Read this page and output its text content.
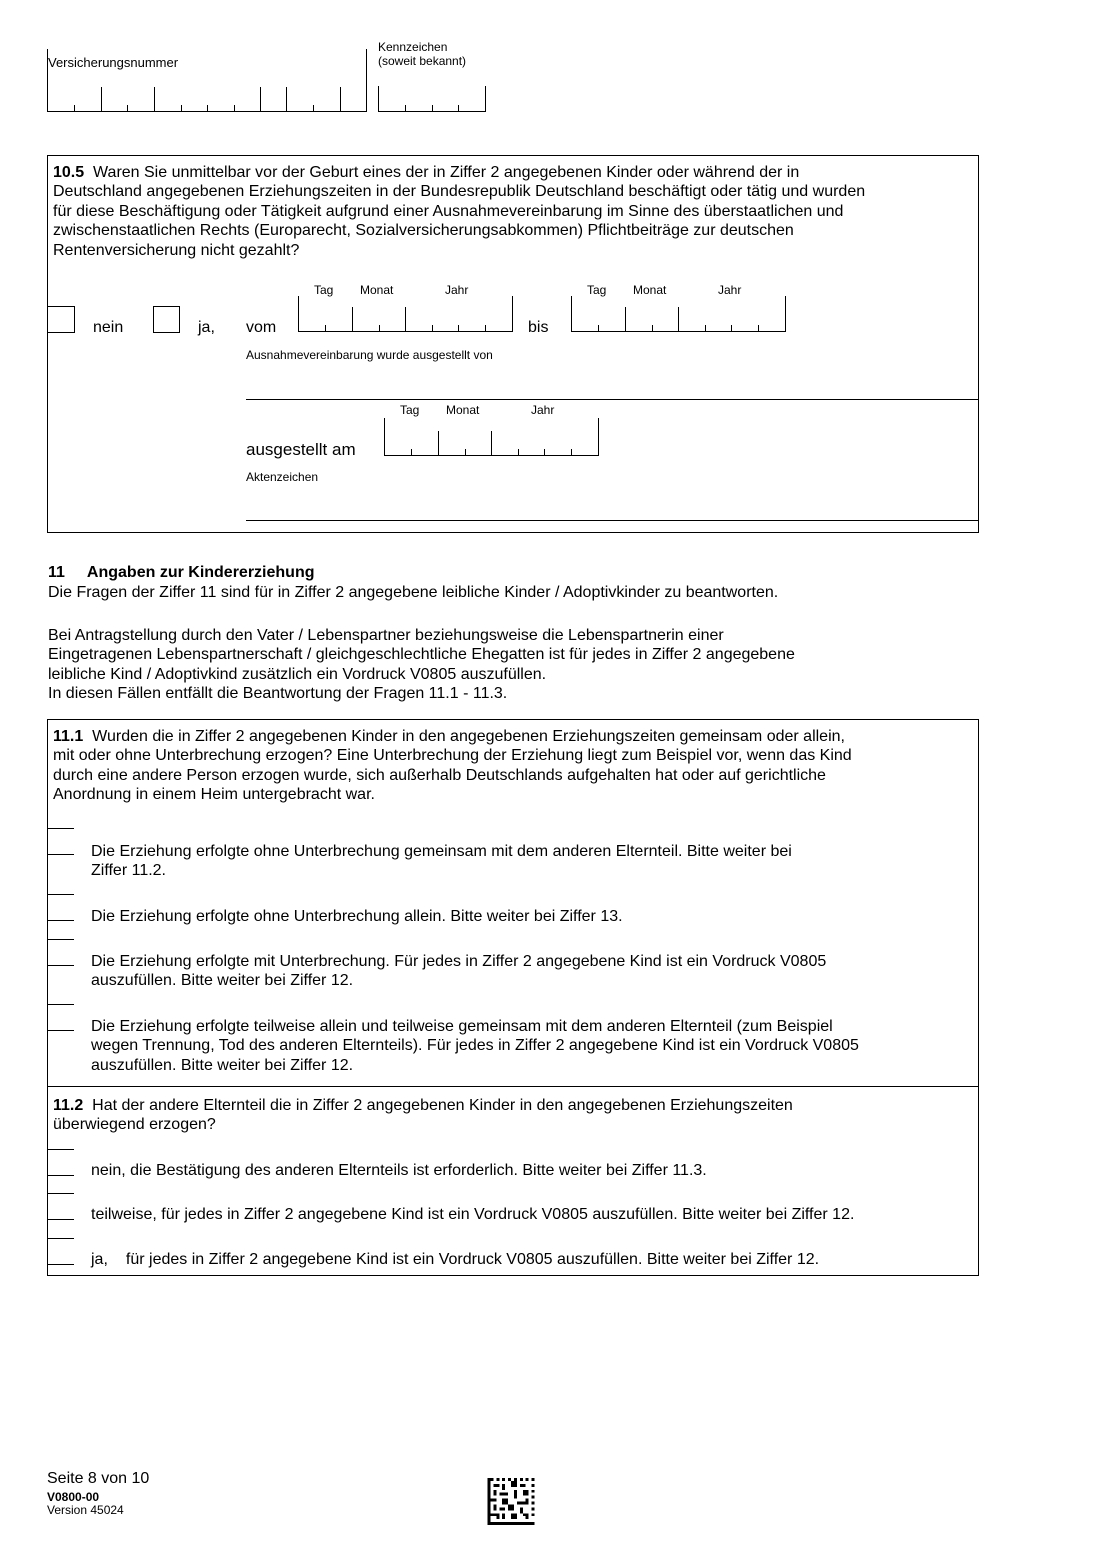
Versicherungsnummer
Kennzeichen
(soweit bekannt)
10.5 Waren Sie unmittelbar vor der Geburt eines der in Ziffer 2 angegebenen Kinder oder während der in
Deutschland angegebenen Erziehungszeiten in der Bundesrepublik Deutschland beschäftigt oder tätig und wurden
für diese Beschäftigung oder Tätigkeit aufgrund einer Ausnahmevereinbarung im Sinne des überstaatlichen und
zwischenstaatlichen Rechts (Europarecht, Sozialversicherungsabkommen) Pflichtbeiträge zur deutschen
Rentenversicherung nicht gezahlt?
nein	ja, vom
Tag Monat	Jahr
bis
Tag Monat	Jahr
Ausnahmevereinbarung wurde ausgestellt von
Tag Monat	Jahr
ausgestellt am
Aktenzeichen
11 Angaben zur Kindererziehung
Die Fragen der Ziffer 11 sind für in Ziffer 2 angegebene leibliche Kinder / Adoptivkinder zu beantworten.
Bei Antragstellung durch den Vater / Lebenspartner beziehungsweise die Lebenspartnerin einer
Eingetragenen Lebenspartnerschaft / gleichgeschlechtliche Ehegatten ist für jedes in Ziffer 2 angegebene
leibliche Kind / Adoptivkind zusätzlich ein Vordruck V0805 auszufüllen.
In diesen Fällen entfällt die Beantwortung der Fragen 11.1 - 11.3.
11.1 Wurden die in Ziffer 2 angegebenen Kinder in den angegebenen Erziehungszeiten gemeinsam oder allein,
mit oder ohne Unterbrechung erzogen? Eine Unterbrechung der Erziehung liegt zum Beispiel vor, wenn das Kind
durch eine andere Person erzogen wurde, sich außerhalb Deutschlands aufgehalten hat oder auf gerichtliche
Anordnung in einem Heim untergebracht war.
Die Erziehung erfolgte ohne Unterbrechung gemeinsam mit dem anderen Elternteil. Bitte weiter bei
Ziffer 11.2.
Die Erziehung erfolgte ohne Unterbrechung allein. Bitte weiter bei Ziffer 13.
Die Erziehung erfolgte mit Unterbrechung. Für jedes in Ziffer 2 angegebene Kind ist ein Vordruck V0805
auszufüllen. Bitte weiter bei Ziffer 12.
Die Erziehung erfolgte teilweise allein und teilweise gemeinsam mit dem anderen Elternteil (zum Beispiel
wegen Trennung, Tod des anderen Elternteils). Für jedes in Ziffer 2 angegebene Kind ist ein Vordruck V0805
auszufüllen. Bitte weiter bei Ziffer 12.
11.2 Hat der andere Elternteil die in Ziffer 2 angegebenen Kinder in den angegebenen Erziehungszeiten
überwiegend erzogen?
nein, die Bestätigung des anderen Elternteils ist erforderlich. Bitte weiter bei Ziffer 11.3.
teilweise, für jedes in Ziffer 2 angegebene Kind ist ein Vordruck V0805 auszufüllen. Bitte weiter bei Ziffer 12.
ja, für jedes in Ziffer 2 angegebene Kind ist ein Vordruck V0805 auszufüllen. Bitte weiter bei Ziffer 12.
Seite 8 von 10
V0800-00
Version 45024
